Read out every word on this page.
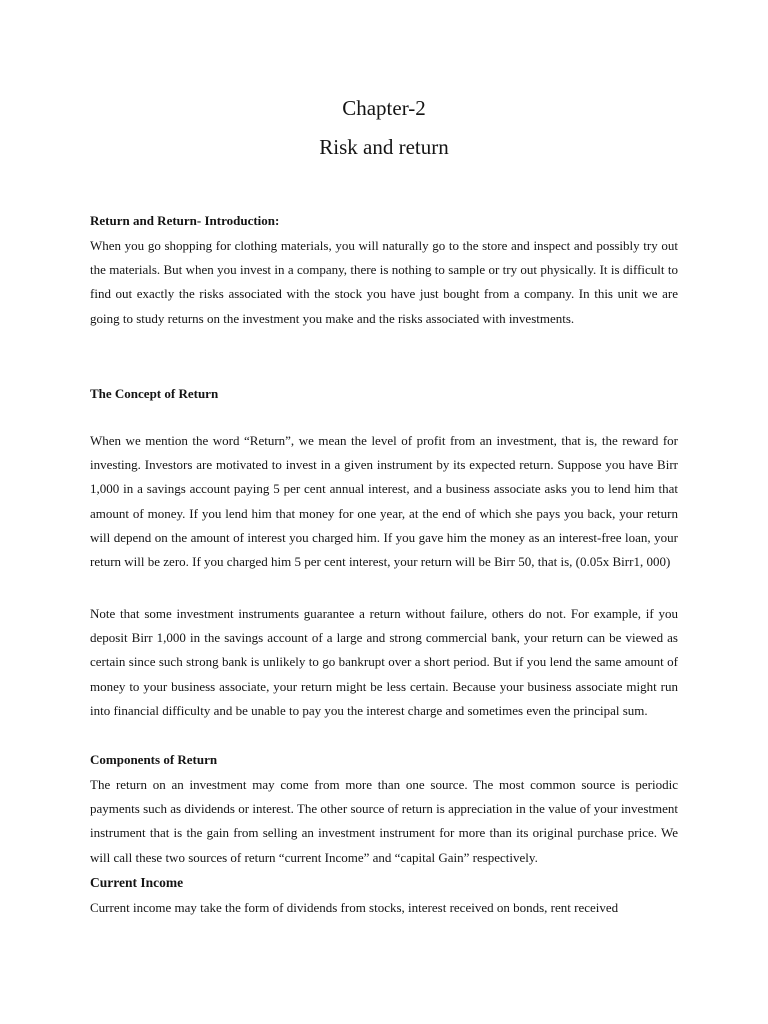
Chapter-2
Risk and return
Return and Return- Introduction:

When you go shopping for clothing materials, you will naturally go to the store and inspect and possibly try out the materials. But when you invest in a company, there is nothing to sample or try out physically. It is difficult to find out exactly the risks associated with the stock you have just bought from a company. In this unit we are going to study returns on the investment you make and the risks associated with investments.

The Concept of Return

When we mention the word “Return”, we mean the level of profit from an investment, that is, the reward for investing. Investors are motivated to invest in a given instrument by its expected return. Suppose you have Birr 1,000 in a savings account paying 5 per cent annual interest, and a business associate asks you to lend him that amount of money. If you lend him that money for one year, at the end of which she pays you back, your return will depend on the amount of interest you charged him. If you gave him the money as an interest-free loan, your return will be zero. If you charged him 5 per cent interest, your return will be Birr 50, that is, (0.05x Birr1, 000)

Note that some investment instruments guarantee a return without failure, others do not. For example, if you deposit Birr 1,000 in the savings account of a large and strong commercial bank, your return can be viewed as certain since such strong bank is unlikely to go bankrupt over a short period. But if you lend the same amount of money to your business associate, your return might be less certain. Because your business associate might run into financial difficulty and be unable to pay you the interest charge and sometimes even the principal sum.

Components of Return

The return on an investment may come from more than one source. The most common source is periodic payments such as dividends or interest. The other source of return is appreciation in the value of your investment instrument that is the gain from selling an investment instrument for more than its original purchase price. We will call these two sources of return “current Income” and “capital Gain” respectively.

Current Income

Current income may take the form of dividends from stocks, interest received on bonds, rent received
